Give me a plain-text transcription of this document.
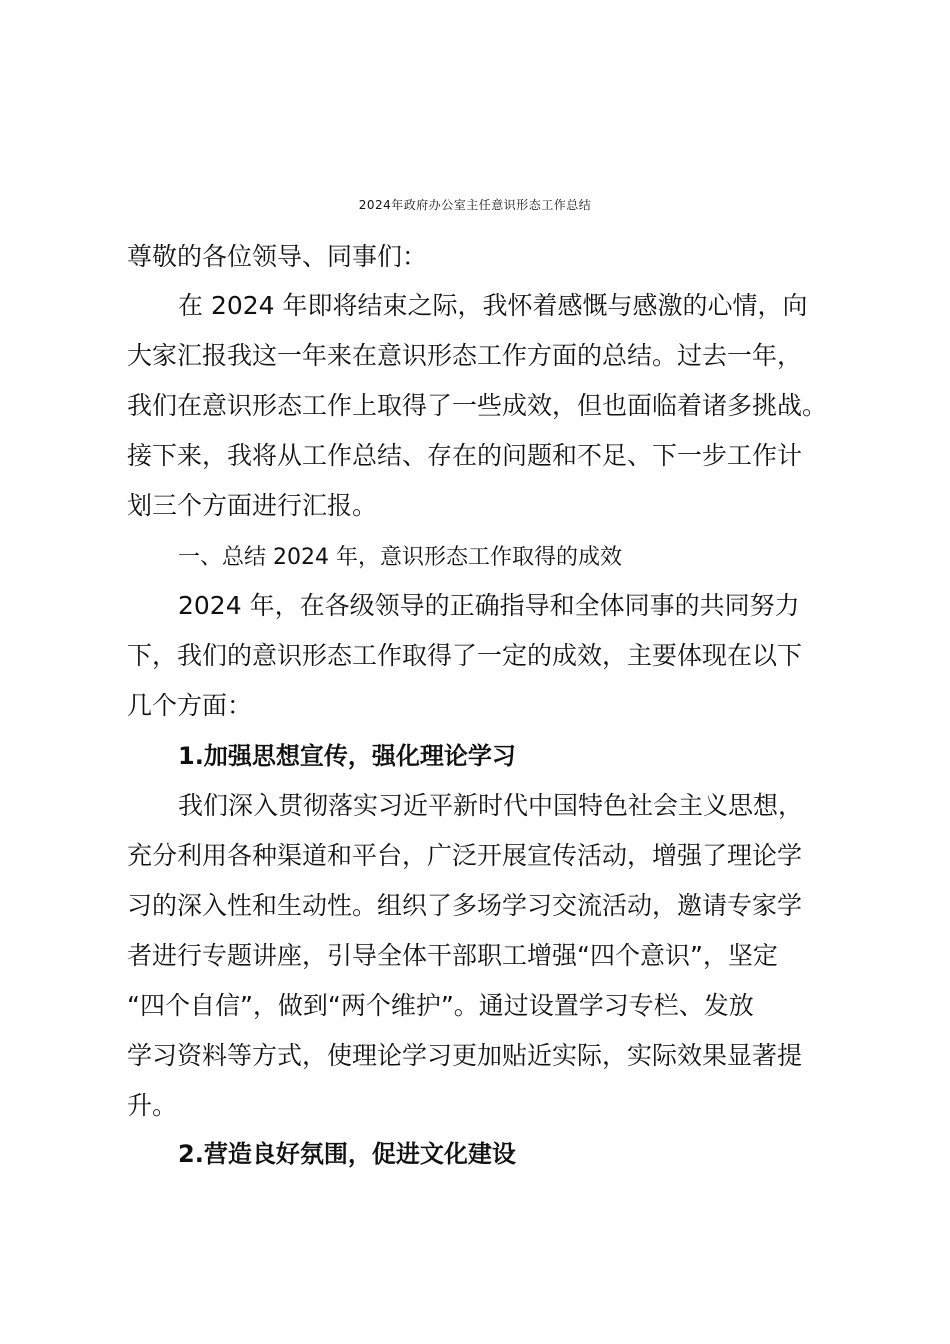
2024年政府办公室主任意识形态工作总结
尊敬的各位领导、同事们：
在 2024 年即将结束之际，我怀着感慨与感激的心情，向
大家汇报我这一年来在意识形态工作方面的总结。过去一年，
我们在意识形态工作上取得了一些成效，但也面临着诸多挑战。
接下来，我将从工作总结、存在的问题和不足、下一步工作计
划三个方面进行汇报。
一、总结 2024 年，意识形态工作取得的成效
2024 年，在各级领导的正确指导和全体同事的共同努力
下，我们的意识形态工作取得了一定的成效，主要体现在以下
几个方面：
1.加强思想宣传，强化理论学习
我们深入贯彻落实习近平新时代中国特色社会主义思想，
充分利用各种渠道和平台，广泛开展宣传活动，增强了理论学
习的深入性和生动性。组织了多场学习交流活动，邀请专家学
者进行专题讲座，引导全体干部职工增强“四个意识”，坚定
“四个自信”，做到“两个维护”。通过设置学习专栏、发放
学习资料等方式，使理论学习更加贴近实际，实际效果显著提
升。
2.营造良好氛围，促进文化建设
